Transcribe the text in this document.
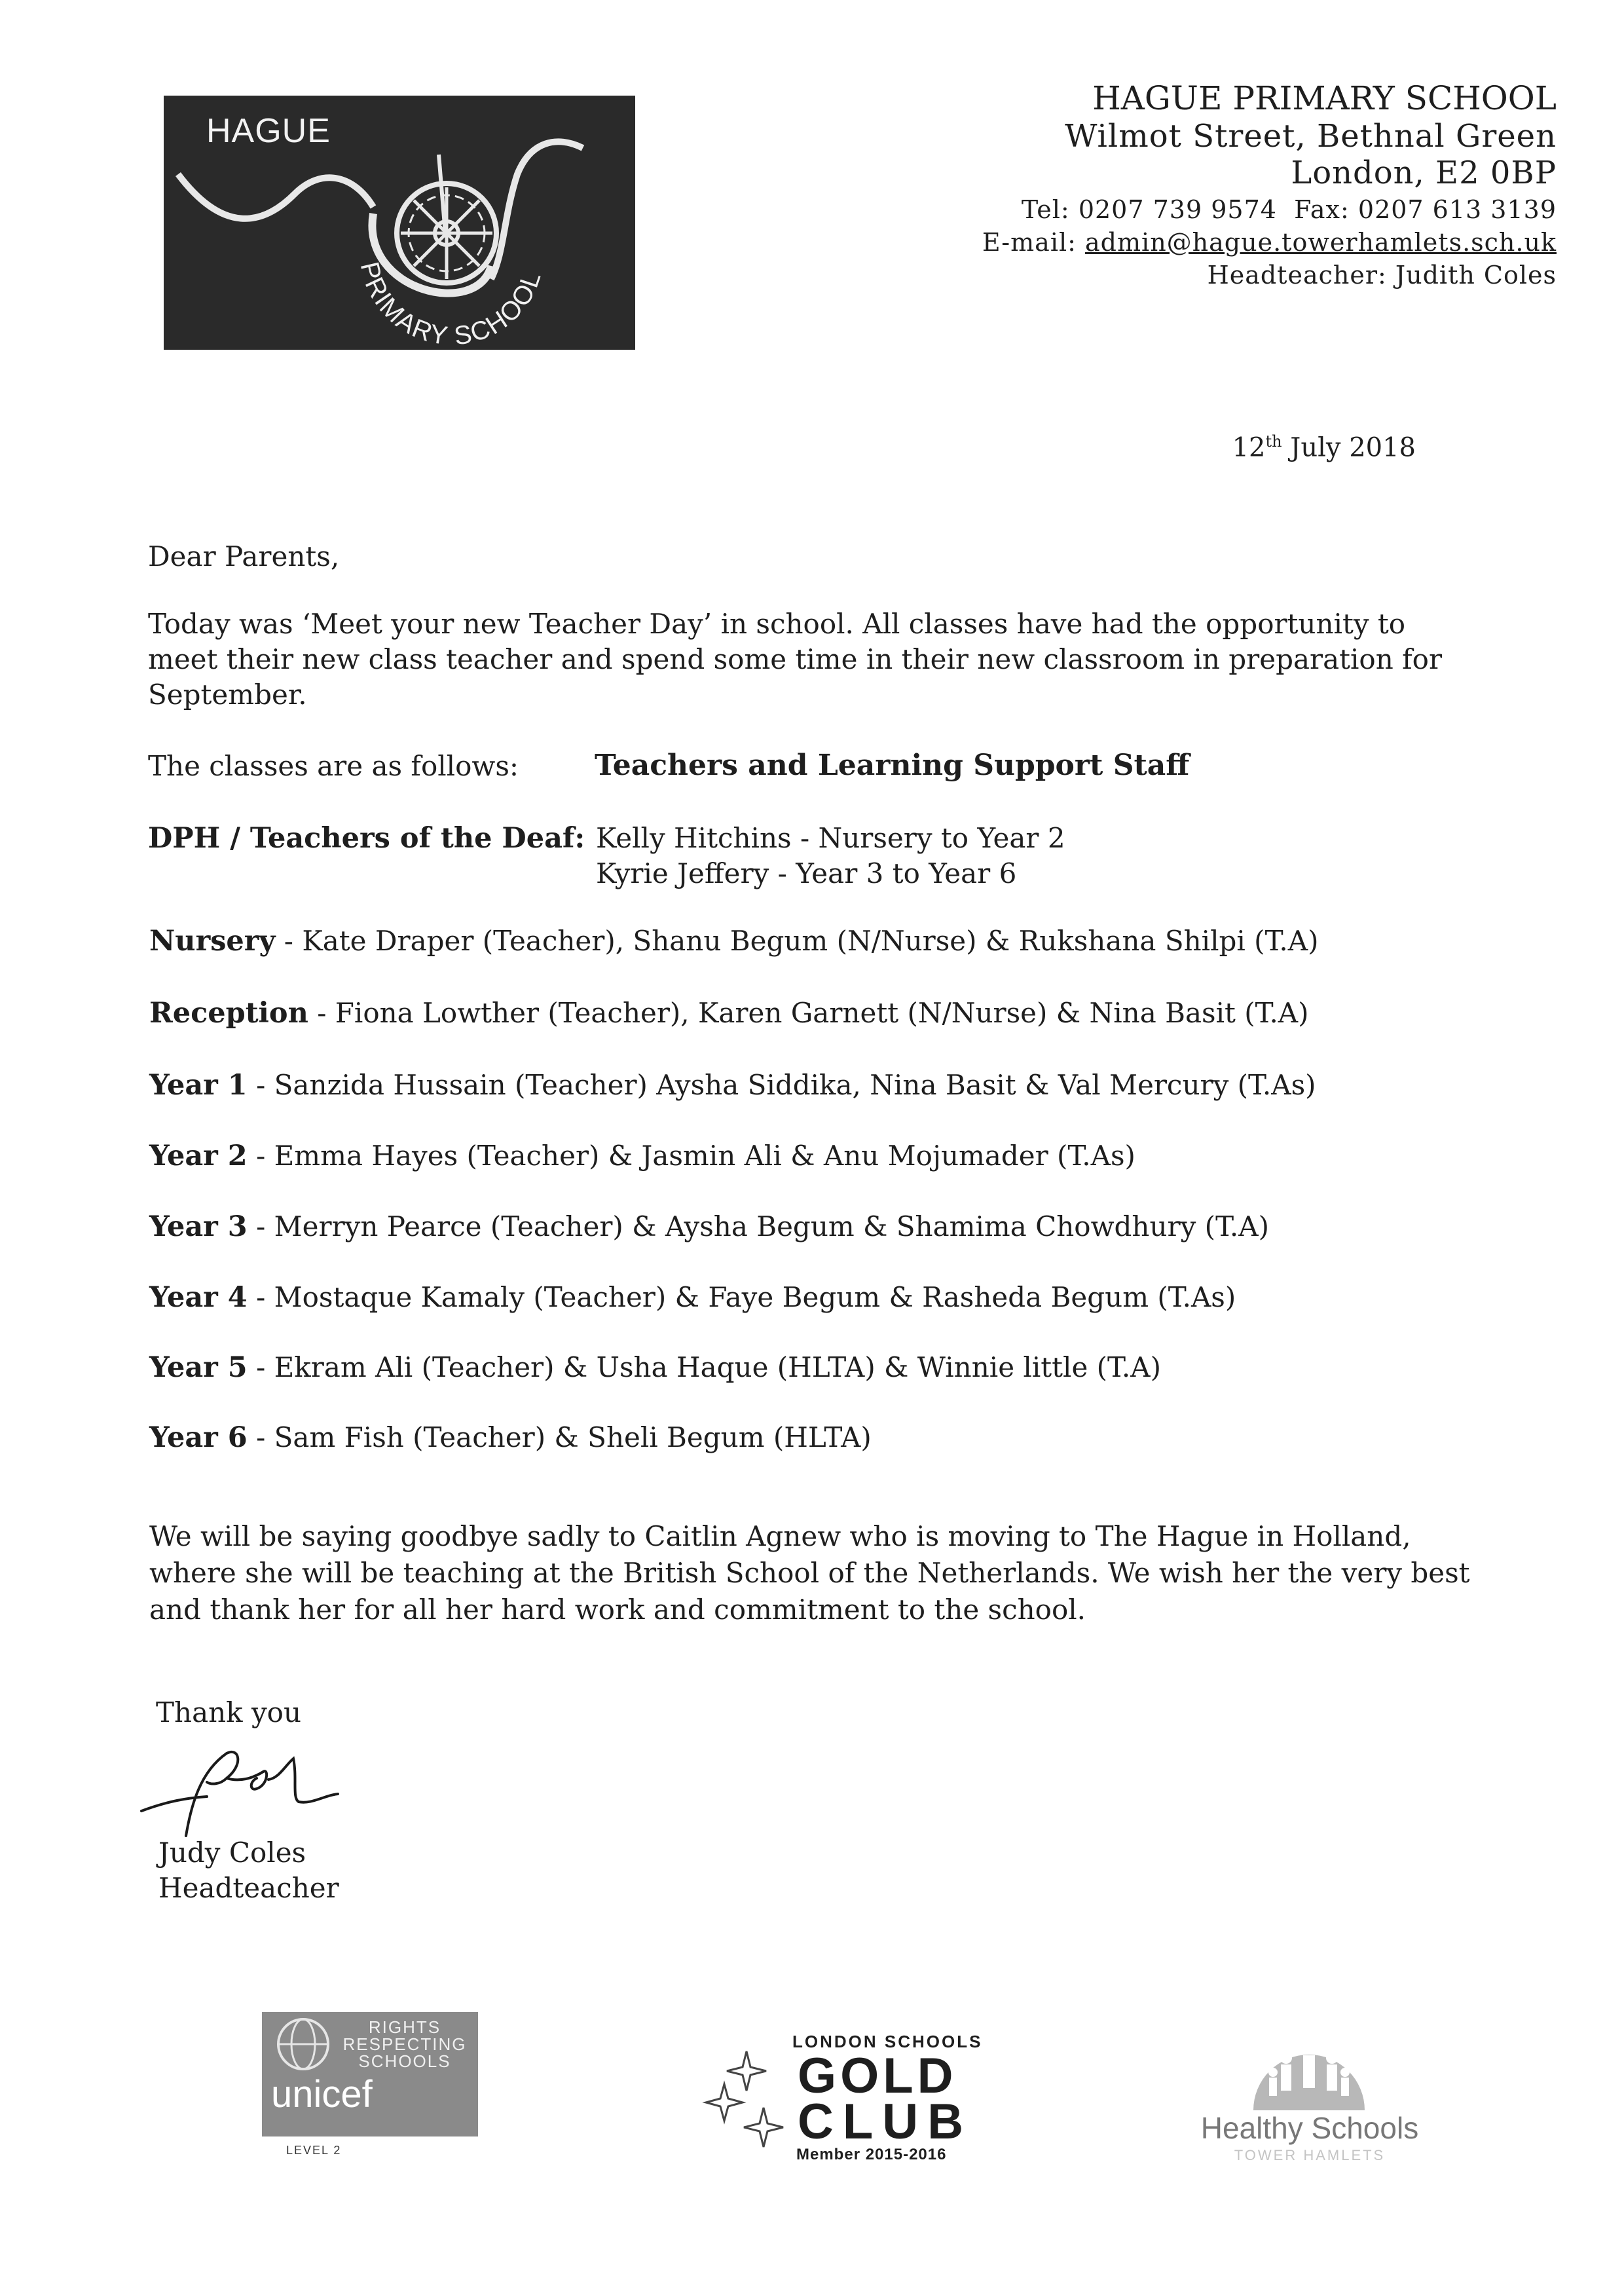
HAGUE
PRIMARY SCHOOL
HAGUE PRIMARY SCHOOL
Wilmot Street, Bethnal Green
London, E2 0BP
Tel: 0207 739 9574 Fax: 0207 613 3139
E-mail: admin@hague.towerhamlets.sch.uk
Headteacher: Judith Coles
12th July 2018
Dear Parents,
Today was ‘Meet your new Teacher Day’ in school. All classes have had the opportunity to
meet their new class teacher and spend some time in their new classroom in preparation for
September.
The classes are as follows:	Teachers and Learning Support Staff
DPH / Teachers of the Deaf: Kelly Hitchins - Nursery to Year 2
Kyrie Jeffery - Year 3 to Year 6
Nursery - Kate Draper (Teacher), Shanu Begum (N/Nurse) & Rukshana Shilpi (T.A)
Reception - Fiona Lowther (Teacher), Karen Garnett (N/Nurse) & Nina Basit (T.A)
Year 1 - Sanzida Hussain (Teacher) Aysha Siddika, Nina Basit & Val Mercury (T.As)
Year 2 - Emma Hayes (Teacher) & Jasmin Ali & Anu Mojumader (T.As)
Year 3 - Merryn Pearce (Teacher) & Aysha Begum & Shamima Chowdhury (T.A)
Year 4 - Mostaque Kamaly (Teacher) & Faye Begum & Rasheda Begum (T.As)
Year 5 - Ekram Ali (Teacher) & Usha Haque (HLTA) & Winnie little (T.A)
Year 6 - Sam Fish (Teacher) & Sheli Begum (HLTA)
We will be saying goodbye sadly to Caitlin Agnew who is moving to The Hague in Holland,
where she will be teaching at the British School of the Netherlands. We wish her the very best
and thank her for all her hard work and commitment to the school.
Thank you
Judy Coles
Headteacher
RIGHTS
RESPECTING
SCHOOLS
unicef
LEVEL 2
LONDON SCHOOLS
GOLD
CLUB
Member 2015-2016
Healthy Schools
TOWER HAMLETS
